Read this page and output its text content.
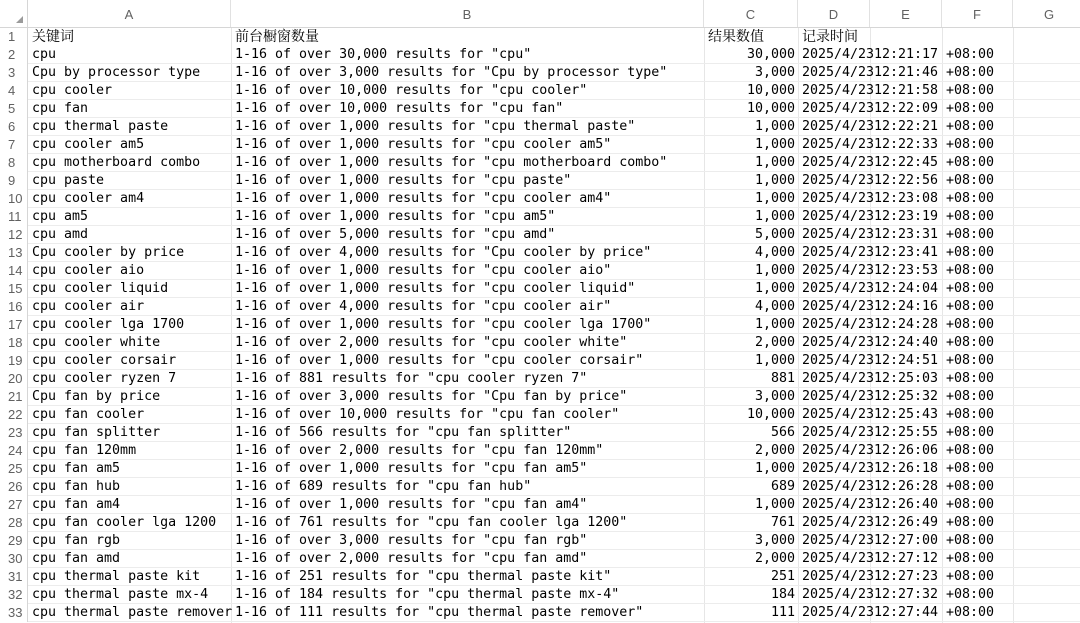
A	B	C	D	E	F	G
1	关键词	前台橱窗数量	结果数值	记录时间
2	cpu	1-16 of over 30,000 results for "cpu"	30,000 2025/4/23 12:21:17 +08:00
3	Cpu by processor type	1-16 of over 3,000 results for "Cpu by processor type"	3,000 2025/4/23 12:21:46 +08:00
4	cpu cooler	1-16 of over 10,000 results for "cpu cooler"	10,000 2025/4/23 12:21:58 +08:00
5	cpu fan	1-16 of over 10,000 results for "cpu fan"	10,000 2025/4/23 12:22:09 +08:00
6	cpu thermal paste	1-16 of over 1,000 results for "cpu thermal paste"	1,000 2025/4/23 12:22:21 +08:00
7	cpu cooler am5	1-16 of over 1,000 results for "cpu cooler am5"	1,000 2025/4/23 12:22:33 +08:00
8	cpu motherboard combo	1-16 of over 1,000 results for "cpu motherboard combo"	1,000 2025/4/23 12:22:45 +08:00
9	cpu paste	1-16 of over 1,000 results for "cpu paste"	1,000 2025/4/23 12:22:56 +08:00
10 cpu cooler am4	1-16 of over 1,000 results for "cpu cooler am4"	1,000 2025/4/23 12:23:08 +08:00
11 cpu am5	1-16 of over 1,000 results for "cpu am5"	1,000 2025/4/23 12:23:19 +08:00
12 cpu amd	1-16 of over 5,000 results for "cpu amd"	5,000 2025/4/23 12:23:31 +08:00
13 Cpu cooler by price	1-16 of over 4,000 results for "Cpu cooler by price"	4,000 2025/4/23 12:23:41 +08:00
14 cpu cooler aio	1-16 of over 1,000 results for "cpu cooler aio"	1,000 2025/4/23 12:23:53 +08:00
15 cpu cooler liquid	1-16 of over 1,000 results for "cpu cooler liquid"	1,000 2025/4/23 12:24:04 +08:00
16 cpu cooler air	1-16 of over 4,000 results for "cpu cooler air"	4,000 2025/4/23 12:24:16 +08:00
17 cpu cooler lga 1700	1-16 of over 1,000 results for "cpu cooler lga 1700"	1,000 2025/4/23 12:24:28 +08:00
18 cpu cooler white	1-16 of over 2,000 results for "cpu cooler white"	2,000 2025/4/23 12:24:40 +08:00
19 cpu cooler corsair	1-16 of over 1,000 results for "cpu cooler corsair"	1,000 2025/4/23 12:24:51 +08:00
20 cpu cooler ryzen 7	1-16 of 881 results for "cpu cooler ryzen 7"	881 2025/4/23 12:25:03 +08:00
21 Cpu fan by price	1-16 of over 3,000 results for "Cpu fan by price"	3,000 2025/4/23 12:25:32 +08:00
22 cpu fan cooler	1-16 of over 10,000 results for "cpu fan cooler"	10,000 2025/4/23 12:25:43 +08:00
23 cpu fan splitter	1-16 of 566 results for "cpu fan splitter"	566 2025/4/23 12:25:55 +08:00
24 cpu fan 120mm	1-16 of over 2,000 results for "cpu fan 120mm"	2,000 2025/4/23 12:26:06 +08:00
25 cpu fan am5	1-16 of over 1,000 results for "cpu fan am5"	1,000 2025/4/23 12:26:18 +08:00
26 cpu fan hub	1-16 of 689 results for "cpu fan hub"	689 2025/4/23 12:26:28 +08:00
27 cpu fan am4	1-16 of over 1,000 results for "cpu fan am4"	1,000 2025/4/23 12:26:40 +08:00
28 cpu fan cooler lga 1200	1-16 of 761 results for "cpu fan cooler lga 1200"	761 2025/4/23 12:26:49 +08:00
29 cpu fan rgb	1-16 of over 3,000 results for "cpu fan rgb"	3,000 2025/4/23 12:27:00 +08:00
30 cpu fan amd	1-16 of over 2,000 results for "cpu fan amd"	2,000 2025/4/23 12:27:12 +08:00
31 cpu thermal paste kit	1-16 of 251 results for "cpu thermal paste kit"	251 2025/4/23 12:27:23 +08:00
32 cpu thermal paste mx-4	1-16 of 184 results for "cpu thermal paste mx-4"	184 2025/4/23 12:27:32 +08:00
33 cpu thermal paste remover 1-16 of 111 results for "cpu thermal paste remover"	111 2025/4/23 12:27:44 +08:00
